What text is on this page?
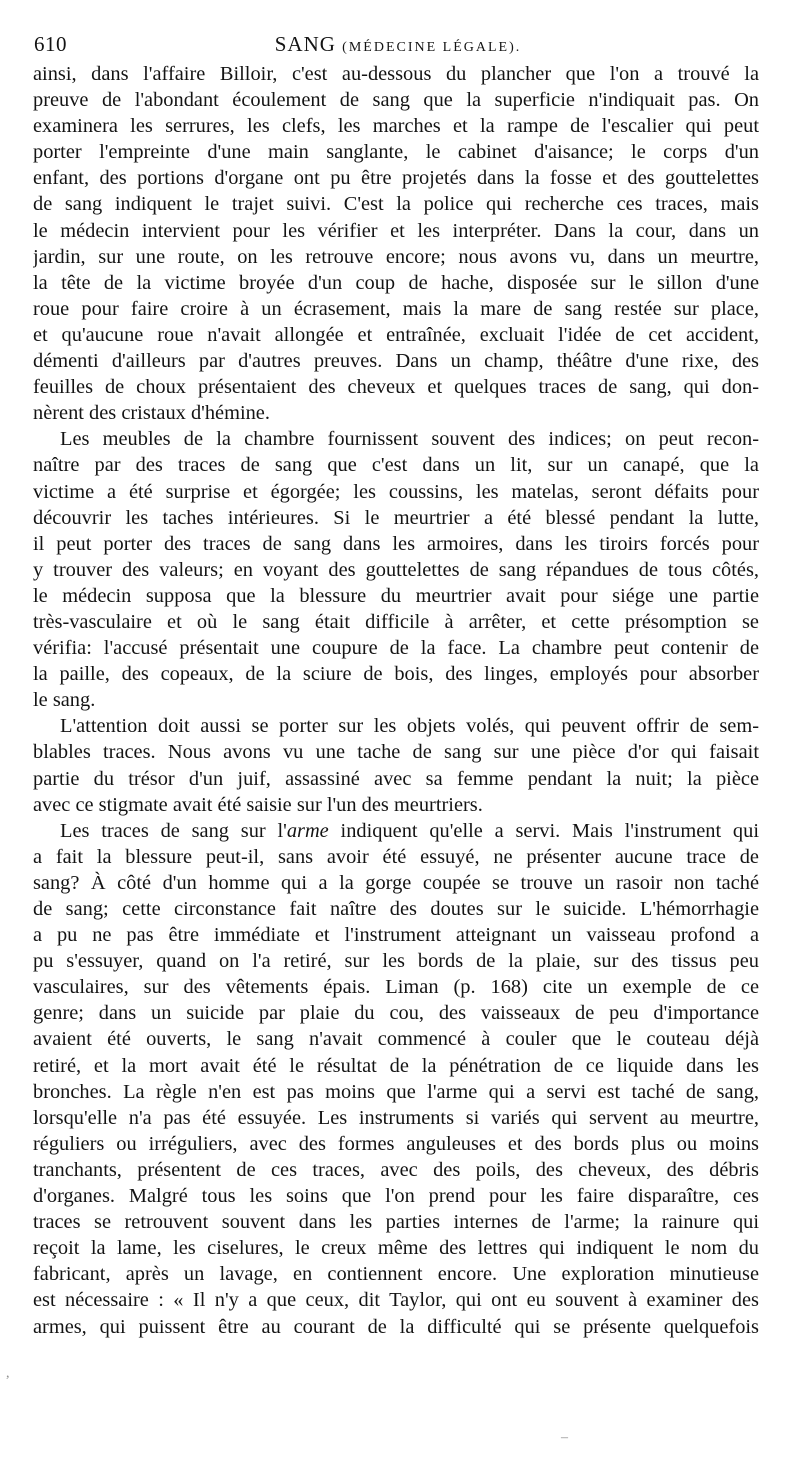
610	SANG (MÉDECINE LÉGALE).
ainsi, dans l'affaire Billoir, c'est au-dessous du plancher que l'on a trouvé la
preuve de l'abondant écoulement de sang que la superficie n'indiquait pas. On
examinera les serrures, les clefs, les marches et la rampe de l'escalier qui peut
porter l'empreinte d'une main sanglante, le cabinet d'aisance; le corps d'un
enfant, des portions d'organe ont pu être projetés dans la fosse et des gouttelettes
de sang indiquent le trajet suivi. C'est la police qui recherche ces traces, mais
le médecin intervient pour les vérifier et les interpréter. Dans la cour, dans un
jardin, sur une route, on les retrouve encore; nous avons vu, dans un meurtre,
la tête de la victime broyée d'un coup de hache, disposée sur le sillon d'une
roue pour faire croire à un écrasement, mais la mare de sang restée sur place,
et qu'aucune roue n'avait allongée et entraînée, excluait l'idée de cet accident,
démenti d'ailleurs par d'autres preuves. Dans un champ, théâtre d'une rixe, des
feuilles de choux présentaient des cheveux et quelques traces de sang, qui don-
nèrent des cristaux d'hémine.
Les meubles de la chambre fournissent souvent des indices; on peut recon-
naître par des traces de sang que c'est dans un lit, sur un canapé, que la
victime a été surprise et égorgée; les coussins, les matelas, seront défaits pour
découvrir les taches intérieures. Si le meurtrier a été blessé pendant la lutte,
il peut porter des traces de sang dans les armoires, dans les tiroirs forcés pour
y trouver des valeurs; en voyant des gouttelettes de sang répandues de tous côtés,
le médecin supposa que la blessure du meurtrier avait pour siége une partie
très-vasculaire et où le sang était difficile à arrêter, et cette présomption se
vérifia: l'accusé présentait une coupure de la face. La chambre peut contenir de
la paille, des copeaux, de la sciure de bois, des linges, employés pour absorber
le sang.
L'attention doit aussi se porter sur les objets volés, qui peuvent offrir de sem-
blables traces. Nous avons vu une tache de sang sur une pièce d'or qui faisait
partie du trésor d'un juif, assassiné avec sa femme pendant la nuit; la pièce
avec ce stigmate avait été saisie sur l'un des meurtriers.
Les traces de sang sur l'arme indiquent qu'elle a servi. Mais l'instrument qui
a fait la blessure peut-il, sans avoir été essuyé, ne présenter aucune trace de
sang? À côté d'un homme qui a la gorge coupée se trouve un rasoir non taché
de sang; cette circonstance fait naître des doutes sur le suicide. L'hémorrhagie
a pu ne pas être immédiate et l'instrument atteignant un vaisseau profond a
pu s'essuyer, quand on l'a retiré, sur les bords de la plaie, sur des tissus peu
vasculaires, sur des vêtements épais. Liman (p. 168) cite un exemple de ce
genre; dans un suicide par plaie du cou, des vaisseaux de peu d'importance
avaient été ouverts, le sang n'avait commencé à couler que le couteau déjà
retiré, et la mort avait été le résultat de la pénétration de ce liquide dans les
bronches. La règle n'en est pas moins que l'arme qui a servi est taché de sang,
lorsqu'elle n'a pas été essuyée. Les instruments si variés qui servent au meurtre,
réguliers ou irréguliers, avec des formes anguleuses et des bords plus ou moins
tranchants, présentent de ces traces, avec des poils, des cheveux, des débris
d'organes. Malgré tous les soins que l'on prend pour les faire disparaître, ces
traces se retrouvent souvent dans les parties internes de l'arme; la rainure qui
reçoit la lame, les ciselures, le creux même des lettres qui indiquent le nom du
fabricant, après un lavage, en contiennent encore. Une exploration minutieuse
est nécessaire : « Il n'y a que ceux, dit Taylor, qui ont eu souvent à examiner des
armes, qui puissent être au courant de la difficulté qui se présente quelquefois
,
–
